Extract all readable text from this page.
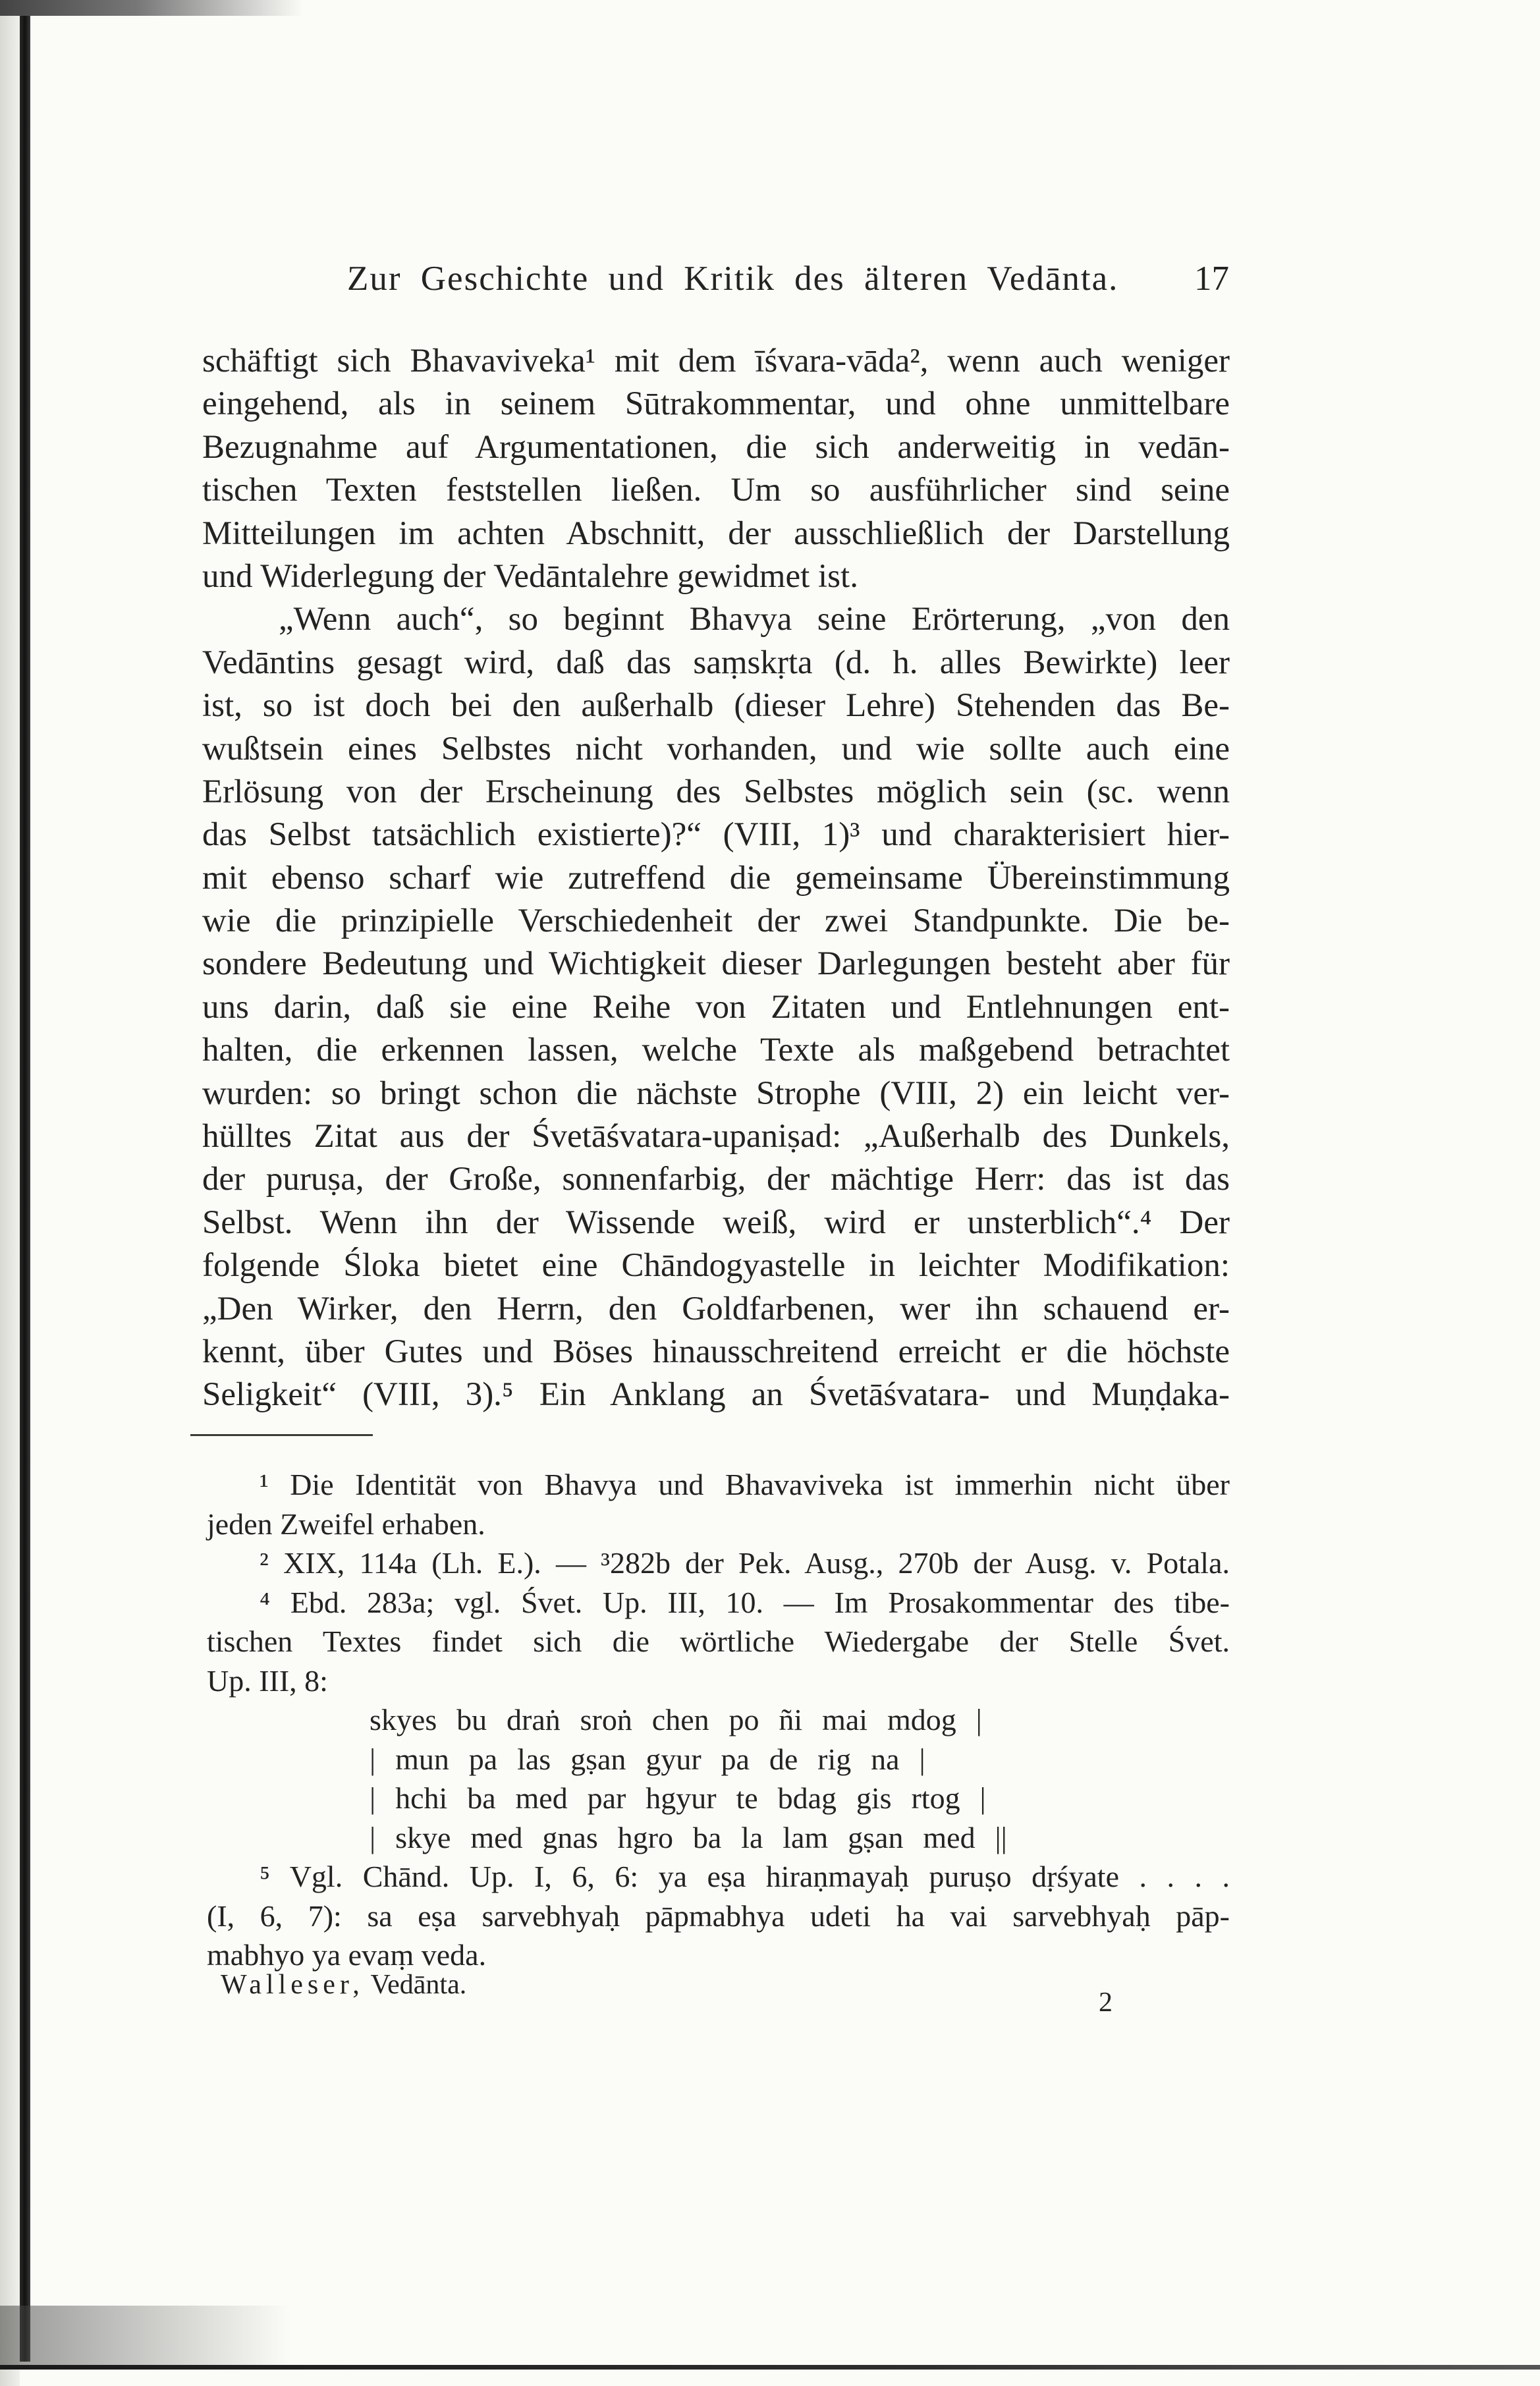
Zur Geschichte und Kritik des älteren Vedānta. 17
schäftigt sich Bhavaviveka¹ mit dem īśvara-vāda², wenn auch weniger
eingehend, als in seinem Sūtrakommentar, und ohne unmittelbare
Bezugnahme auf Argumentationen, die sich anderweitig in vedān-
tischen Texten feststellen ließen. Um so ausführlicher sind seine
Mitteilungen im achten Abschnitt, der ausschließlich der Darstellung
und Widerlegung der Vedāntalehre gewidmet ist.
„Wenn auch“, so beginnt Bhavya seine Erörterung, „von den
Vedāntins gesagt wird, daß das saṃskṛta (d. h. alles Bewirkte) leer
ist, so ist doch bei den außerhalb (dieser Lehre) Stehenden das Be-
wußtsein eines Selbstes nicht vorhanden, und wie sollte auch eine
Erlösung von der Erscheinung des Selbstes möglich sein (sc. wenn
das Selbst tatsächlich existierte)?“ (VIII, 1)³ und charakterisiert hier-
mit ebenso scharf wie zutreffend die gemeinsame Übereinstimmung
wie die prinzipielle Verschiedenheit der zwei Standpunkte. Die be-
sondere Bedeutung und Wichtigkeit dieser Darlegungen besteht aber für
uns darin, daß sie eine Reihe von Zitaten und Entlehnungen ent-
halten, die erkennen lassen, welche Texte als maßgebend betrachtet
wurden: so bringt schon die nächste Strophe (VIII, 2) ein leicht ver-
hülltes Zitat aus der Śvetāśvatara-upaniṣad: „Außerhalb des Dunkels,
der puruṣa, der Große, sonnenfarbig, der mächtige Herr: das ist das
Selbst. Wenn ihn der Wissende weiß, wird er unsterblich“.⁴ Der
folgende Śloka bietet eine Chāndogyastelle in leichter Modifikation:
„Den Wirker, den Herrn, den Goldfarbenen, wer ihn schauend er-
kennt, über Gutes und Böses hinausschreitend erreicht er die höchste
Seligkeit“ (VIII, 3).⁵ Ein Anklang an Śvetāśvatara- und Muṇḍaka-
¹ Die Identität von Bhavya und Bhavaviveka ist immerhin nicht über
jeden Zweifel erhaben.
² XIX, 114a (Lh. E.). — ³282b der Pek. Ausg., 270b der Ausg. v. Potala.
⁴ Ebd. 283a; vgl. Śvet. Up. III, 10. — Im Prosakommentar des tibe-
tischen Textes findet sich die wörtliche Wiedergabe der Stelle Śvet.
Up. III, 8:
skyes bu draṅ sroṅ chen po ñi mai mdog |
| mun pa las gṣan gyur pa de rig na |
| hchi ba med par hgyur te bdag gis rtog |
| skye med gnas hgro ba la lam gṣan med ||
⁵ Vgl. Chānd. Up. I, 6, 6: ya eṣa hiraṇmayaḥ puruṣo dṛśyate . . . .
(I, 6, 7): sa eṣa sarvebhyaḥ pāpmabhya udeti ha vai sarvebhyaḥ pāp-
mabhyo ya evaṃ veda.
Walleser, Vedānta.
2
